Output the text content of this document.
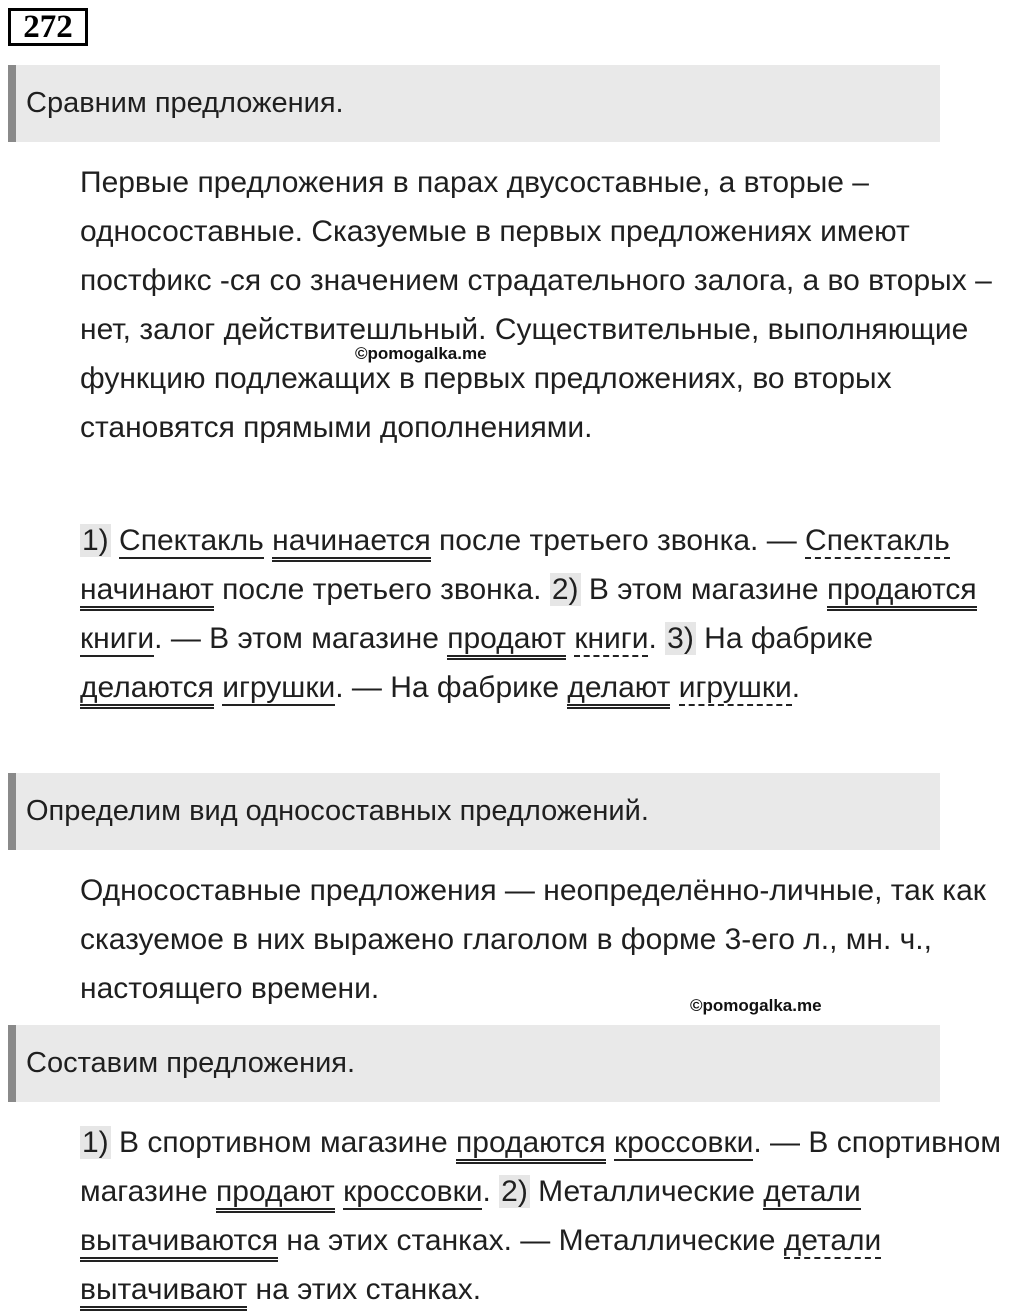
272
Сравним предложения.
Первые предложения в парах двусоставные, а вторые – односоставные. Сказуемые в первых предложениях имеют постфикс -ся со значением страдательного залога, а во вторых – нет, залог действитешльный. Существительные, выполняющие функцию подлежащих в первых предложениях, во вторых становятся прямыми дополнениями.
©pomogalka.me
1) Спектакль начинается после третьего звонка. — Спектакль начинают после третьего звонка. 2) В этом магазине продаются книги. — В этом магазине продают книги. 3) На фабрике делаются игрушки. — На фабрике делают игрушки.
Определим вид односоставных предложений.
Односоставные предложения — неопределённо-личные, так как сказуемое в них выражено глаголом в форме 3-его л., мн. ч., настоящего времени.
©pomogalka.me
Составим предложения.
1) В спортивном магазине продаются кроссовки. — В спортивном магазине продают кроссовки. 2) Металлические детали вытачиваются на этих станках. — Металлические детали вытачивают на этих станках.
